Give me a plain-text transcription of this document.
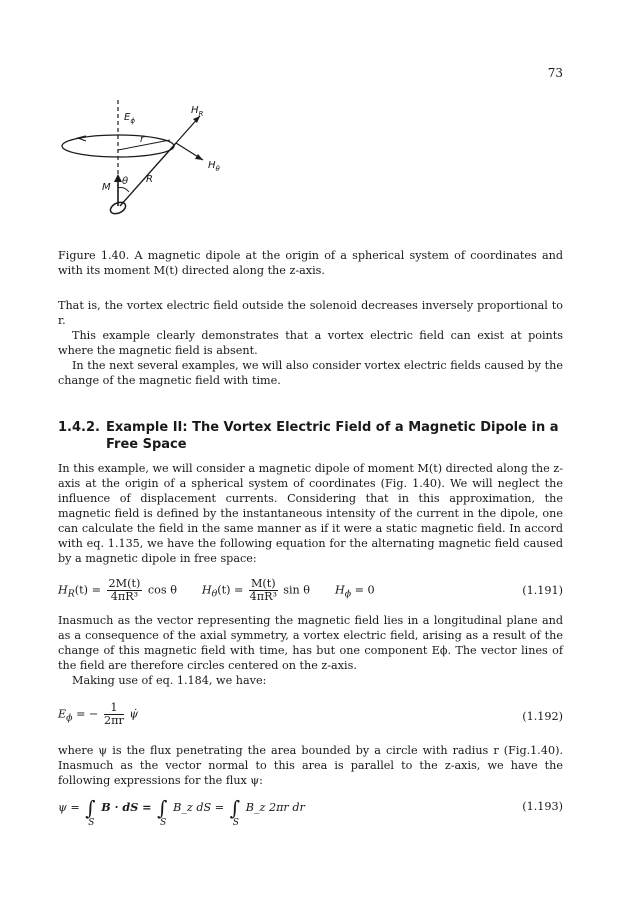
73
$E_\phi$
$H_R$
$H_\theta$
r
R
M
θ
Figure 1.40. A magnetic dipole at the origin of a spherical system of coordinates and with its moment M(t) directed along the z-axis.

That is, the vortex electric field outside the solenoid decreases inversely proportional to r.

This example clearly demonstrates that a vortex electric field can exist at points where the magnetic field is absent.

In the next several examples, we will also consider vortex electric fields caused by the change of the magnetic field with time.

1.4.2. Example II: The Vortex Electric Field of a Magnetic Dipole in a
Free Space

In this example, we will consider a magnetic dipole of moment M(t) directed along the z-axis at the origin of a spherical system of coordinates (Fig. 1.40). We will neglect the influence of displacement currents. Considering that in this approximation, the magnetic field is defined by the instantaneous intensity of the current in the dipole, one can calculate the field in the same manner as if it were a static magnetic field. In accord with eq. 1.135, we have the following equation for the alternating magnetic field caused by a magnetic dipole in free space:

$H_R(t) = \frac{2M(t)}{\text{4πR³}}$ cos θ $H_\theta(t) = \frac{M(t)}{\text{4πR³}}$ sin θ $H_\phi = 0$	(1.191)

Inasmuch as the vector representing the magnetic field lies in a longitudinal plane and as a consequence of the axial symmetry, a vortex electric field, arising as a result of the change of this magnetic field with time, has but one component Eϕ. The vector lines of the field are therefore circles centered on the z-axis.

Making use of eq. 1.184, we have:

$E_\phi$ = − $\frac{1}{2\pi r}$ ψ̇	(1.192)

where ψ is the flux penetrating the area bounded by a circle with radius r (Fig.1.40). Inasmuch as the vector normal to this area is parallel to the z-axis, we have the following expressions for the flux ψ:

ψ = ∫
S
B · dS = ∫
S
B_z dS = ∫
S
B_z 2πr dr	(1.193)
